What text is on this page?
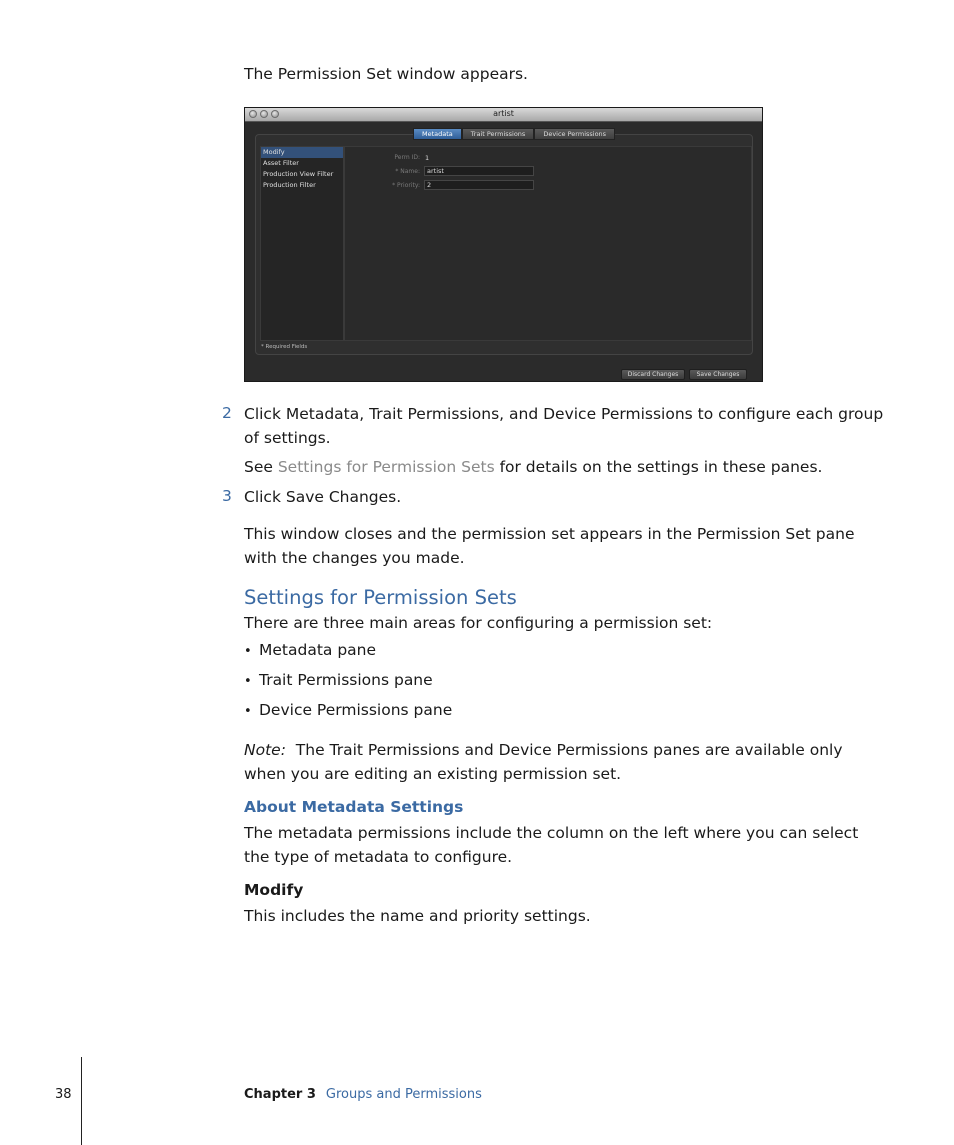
The Permission Set window appears.

artist
Metadata	Trait Permissions	Device Permissions
Modify
Asset Filter
Production View Filter
Production Filter
Perm ID: 1
* Name:	artist
* Priority:	2
* Required Fields
Discard Changes	Save Changes
2 Click Metadata, Trait Permissions, and Device Permissions to configure each group of settings.

See Settings for Permission Sets for details on the settings in these panes.

3 Click Save Changes.

This window closes and the permission set appears in the Permission Set pane with the changes you made.

Settings for Permission Sets

There are three main areas for configuring a permission set:

• Metadata pane
• Trait Permissions pane
• Device Permissions pane

Note: The Trait Permissions and Device Permissions panes are available only when you are editing an existing permission set.

About Metadata Settings

The metadata permissions include the column on the left where you can select the type of metadata to configure.

Modify

This includes the name and priority settings.

38	Chapter 3 Groups and Permissions
